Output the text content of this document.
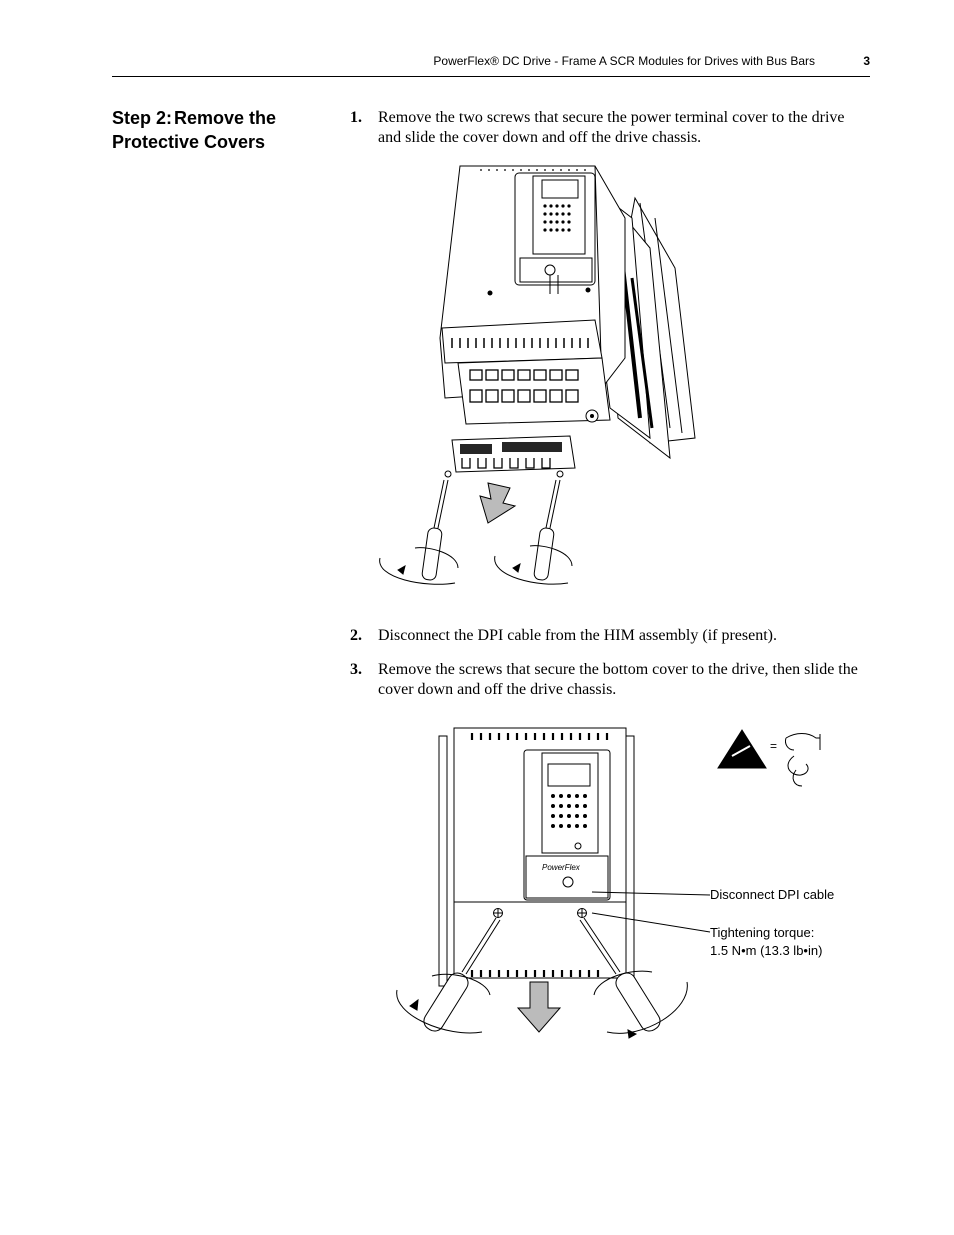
PowerFlex® DC Drive - Frame A SCR Modules for Drives with Bus Bars	3
Step 2: Remove the Protective Covers
1. Remove the two screws that secure the power terminal cover to the drive and slide the cover down and off the drive chassis.
2. Disconnect the DPI cable from the HIM assembly (if present).
3. Remove the screws that secure the bottom cover to the drive, then slide the cover down and off the drive chassis.
PowerFlex
=
Disconnect DPI cable
Tightening torque:
1.5 N•m (13.3 lb•in)
